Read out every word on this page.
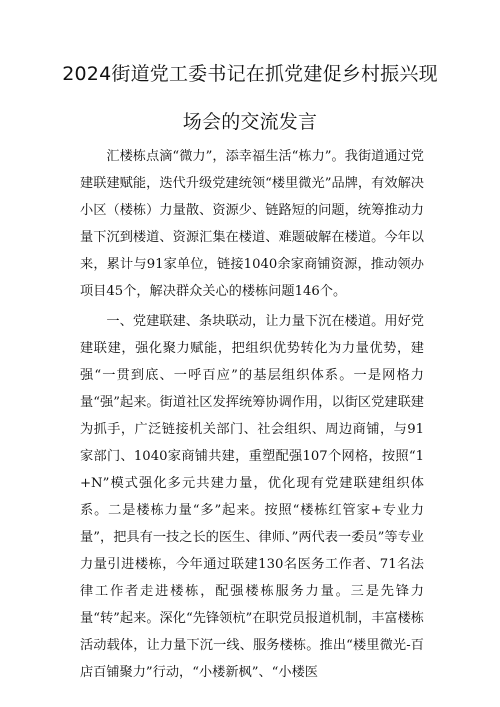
2024街道党工委书记在抓党建促乡村振兴现
场会的交流发言
汇楼栋点滴“微力”，添幸福生活“栋力”。我街道通过党建联建赋能，迭代升级党建统领“楼里微光”品牌，有效解决小区（楼栋）力量散、资源少、链路短的问题，统筹推动力量下沉到楼道、资源汇集在楼道、难题破解在楼道。今年以来，累计与91家单位，链接1040余家商铺资源，推动领办项目45个，解决群众关心的楼栋问题146个。
一、党建联建、条块联动，让力量下沉在楼道。用好党建联建，强化聚力赋能，把组织优势转化为力量优势，建强“一贯到底、一呼百应”的基层组织体系。一是网格力量“强”起来。街道社区发挥统筹协调作用，以街区党建联建为抓手，广泛链接机关部门、社会组织、周边商铺，与91家部门、1040家商铺共建，重塑配强107个网格，按照“1+N”模式强化多元共建力量，优化现有党建联建组织体系。二是楼栋力量“多”起来。按照“楼栋红管家+专业力量”，把具有一技之长的医生、律师、”两代表一委员”等专业力量引进楼栋，今年通过联建130名医务工作者、71名法律工作者走进楼栋，配强楼栋服务力量。三是先锋力量“转”起来。深化“先锋领杭”在职党员报道机制，丰富楼栋活动载体，让力量下沉一线、服务楼栋。推出“楼里微光-百店百铺聚力”行动，“小楼新枫”、“小楼医
